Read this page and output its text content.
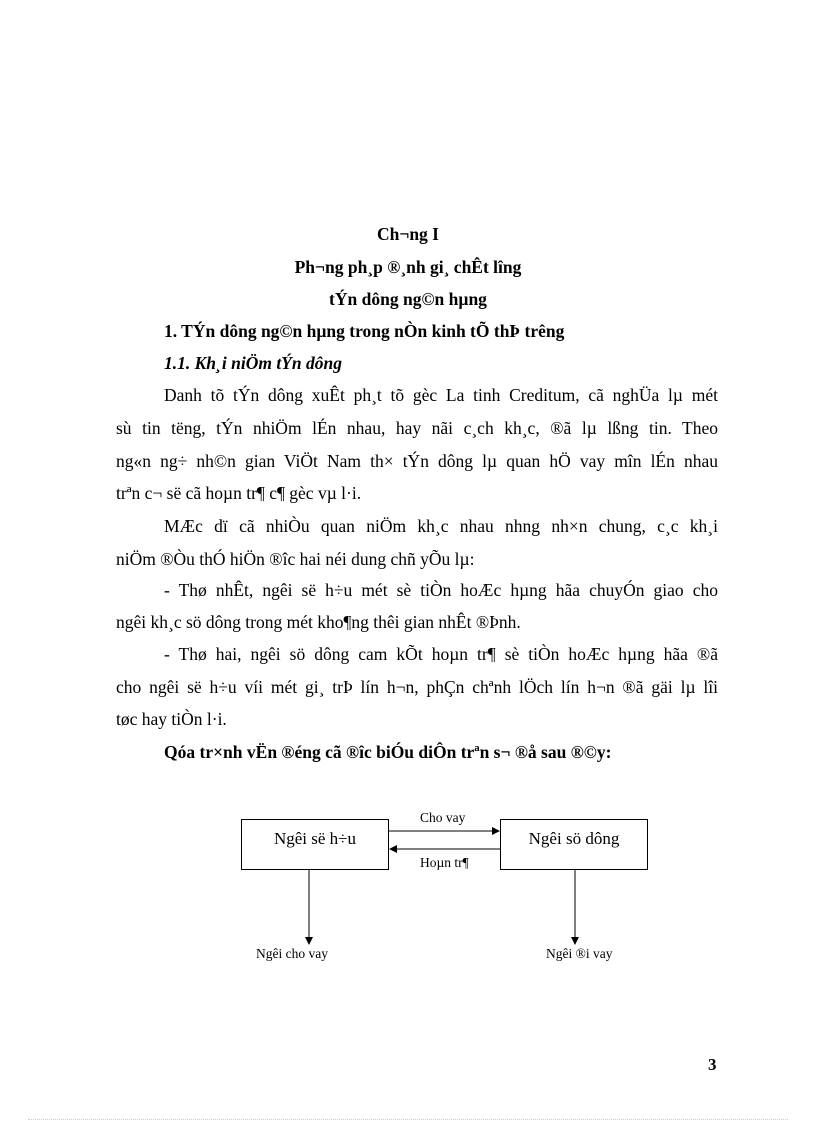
Ch¬ng I
Ph¬ng ph¸p ®¸nh gi¸ chÊt lîng
tÝn dông ng©n hµng
1. TÝn dông ng©n hµng trong nÒn kinh tÕ thÞ trêng
1.1. Kh¸i niÖm tÝn dông
Danh tõ tÝn dông xuÊt ph¸t tõ gèc La tinh Creditum, cã nghÜa lµ mét
sù tin tëng, tÝn nhiÖm lÉn nhau, hay nãi c¸ch kh¸c, ®ã lµ lßng tin. Theo
ng«n ng÷ nh©n gian ViÖt Nam th× tÝn dông lµ quan hÖ vay mîn lÉn nhau
trªn c¬ së cã hoµn tr¶ c¶ gèc vµ l·i.
MÆc dï cã nhiÒu quan niÖm kh¸c nhau nhng nh×n chung, c¸c kh¸i
niÖm ®Òu thÓ hiÖn ®îc hai néi dung chñ yÕu lµ:
- Thø nhÊt, ngêi së h÷u mét sè tiÒn hoÆc hµng hãa chuyÓn giao cho
ngêi kh¸c sö dông trong mét kho¶ng thêi gian nhÊt ®Þnh.
- Thø hai, ngêi sö dông cam kÕt hoµn tr¶ sè tiÒn hoÆc hµng hãa ®ã
cho ngêi së h÷u víi mét gi¸ trÞ lín h¬n, phÇn chªnh lÖch lín h¬n ®ã gäi lµ lîi
tøc hay tiÒn l·i.
Qóa tr×nh vËn ®éng cã ®îc biÓu diÔn trªn s¬ ®å sau ®©y:
Ngêi së h÷u	Ngêi sö dông
Cho vay
Hoµn tr¶
Ngêi cho vay	Ngêi ®i vay
3
